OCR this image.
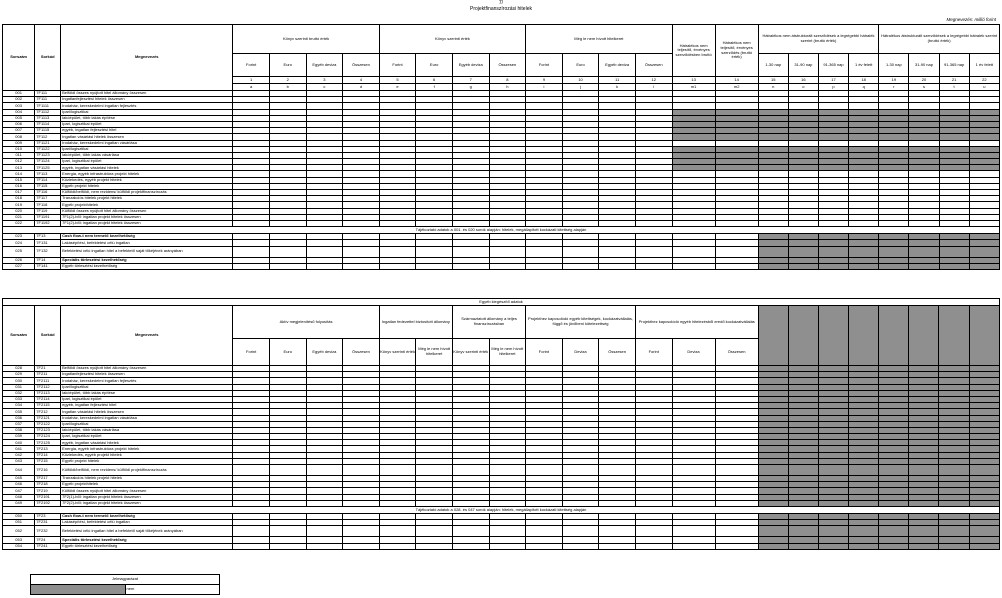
7/
Projektfinanszírozási hitelek
Megnevezés: millió forint
Sorszám	Sorkód	Megnevezés	Könyv szerinti bruttó érték				Könyv szerinti érték				Még le nem hívott hitelkeret				Hátralékos nem teljesítő, érvényes szerződésben bruttó	Hátralékos nem teljesítő, érvényes szerződés (bruttó érték)	Hátralékos nem átstrukturált szerződések a legrégebbi hátralék szerint (bruttó érték)				Hátralékos átstrukturált szerződések a legrégebbi hátralék szerint (bruttó érték)			
			Forint	Euro	Egyéb deviza	Összesen	Forint	Euro	Egyéb deviza	Összesen	Forint	Euro	Egyéb deviza	Összesen			1-30 nap	31-90 nap	91-365 nap	1 év felett	1-30 nap	31-90 nap	91-365 nap	1 év felett
			1	2	3	4	5	6	7	8	9	10	11	12	13	14	15	16	17	18	19	20	21	22
			a	b	c	d	e	f	g	h	i	j	k	l	m1	m2	n	o	p	q	r	s	t	u
001	7F111	Belföldi összes nyújtott hitel állomány összesen																						
002	7F111	Ingatlanfejlesztési hitelek összesen																						
003	7F1111	Irodaház, kereskedelmi ingatlan fejlesztés																						
004	7F1112	Ipari/logisztikai																						
005	7F1113	lakóépület, több lakás építése																						
006	7F1114	Ipari, logisztikai épület																						
007	7F1115	egyéb, ingatlan fejlesztési hitel																						
008	7F112	Ingatlan vásárlási hitelek összesen																						
009	7F1121	Irodaház, kereskedelmi ingatlan vásárlása																						
010	7F1122	Ipari/logisztikai																						
011	7F1123	lakóépület, több lakás vásárlása																						
012	7F1124	Ipari, logisztikai épület																						
013	7F1125	egyéb, ingatlan vásárlási hitelek																						
014	7F113	Energia, egyéb infrastruktúra projekt hitelek																						
015	7F114	Közlekedés, egyéb projekt hitelek																						
016	7F115	Egyéb projekt hitelek																						
017	7F116	Külföldi/belföldi, nem rezidens/ külföldi projektfinanszírozás																						
018	7F117	Tranzakciós hitelek projekt hitelek																						
019	7F118	Egyéb projekthitelek																						
020	7F119	Külföldi összes nyújtott hitel állomány összesen																						
021	7F1191	7F1(2)-ből: ingatlan projekt hitelek összesen																						
022	7F1192	7F1(2)-ből: ingatlan projekt hitelek összesen																						
Tájékoztató adatok a 001. és 020 sorok alapján: hitelek, megállapított kockázati kitettség alapján																								
023	7F13	Cash flow-t nem termelő kezelhetőség																						
024	7F131	Lakásépítési, befektetési célú ingatlan																						
025	7F132	Befektetési célú ingatlan hitel a befektető saját tőkéjének arányában																						
026	7F14	Speciális törlesztési kezelhetőség																						
027	7F141	Egyéb törlesztési kezelhetőség																						
Egyéb kiegészítő adatok																								
Sorszám	Sorkód	Megnevezés	Aktív megjelenítésű folyosítás				Ingatlan fedezettel biztosított állomány		Származtatott állomány a teljes finanszírozásban		Projekthez kapcsolódó egyéb kitettségek, kockázatvállalás, függő és jövőbeni kötelezettség			Projekthez kapcsolódó egyéb hitelezésből eredő kockázatvállalás										
			Forint	Euro	Egyéb deviza	Összesen	Könyv szerinti érték	Még le nem hívott hitelkeret	Könyv szerinti érték	Még le nem hívott hitelkeret	Forint	Deviza	Összesen	Forint	Deviza	Összesen								
028	7F21	Belföldi összes nyújtott hitel állomány összesen																						
029	7F211	Ingatlanfejlesztési hitelek összesen																						
030	7F2111	Irodaház, kereskedelmi ingatlan fejlesztés																						
031	7F2112	Ipari/logisztikai																						
032	7F2113	lakóépület, több lakás építése																						
033	7F2114	Ipari, logisztikai épület																						
034	7F2115	egyéb, ingatlan fejlesztési hitel																						
035	7F212	Ingatlan vásárlási hitelek összesen																						
036	7F2121	Irodaház, kereskedelmi ingatlan vásárlása																						
037	7F2122	Ipari/logisztikai																						
038	7F2123	lakóépület, több lakás vásárlása																						
039	7F2124	Ipari, logisztikai épület																						
040	7F2125	egyéb, ingatlan vásárlási hitelek																						
041	7F213	Energia, egyéb infrastruktúra projekt hitelek																						
042	7F214	Közlekedés, egyéb projekt hitelek																						
043	7F215	Egyéb projekt hitelek																						
044	7F216	Külföldi/belföldi, nem rezidens/ külföldi projektfinanszírozás																						
045	7F217	Tranzakciós hitelek projekt hitelek																						
046	7F218	Egyéb projekthitelek																						
047	7F219	Külföldi összes nyújtott hitel állomány összesen																						
048	7F2191	7F2(1)-ből: ingatlan projekt hitelek összesen																						
049	7F2192	7F2(2)-ből: ingatlan projekt hitelek összesen																						
Tájékoztató adatok a 028. és 047 sorok alapján: hitelek, megállapított kockázati kitettség alapján																								
050	7F23	Cash flow-t nem termelő kezelhetőség																						
051	7F231	Lakásépítési, befektetési célú ingatlan																						
052	7F232	Befektetési célú ingatlan hitel a befektető saját tőkéjének arányában																						
053	7F24	Speciális törlesztési kezelhetőség																						
054	7F241	Egyéb törlesztési kezelhetőség																						
Jelmagyarázat
	nem
